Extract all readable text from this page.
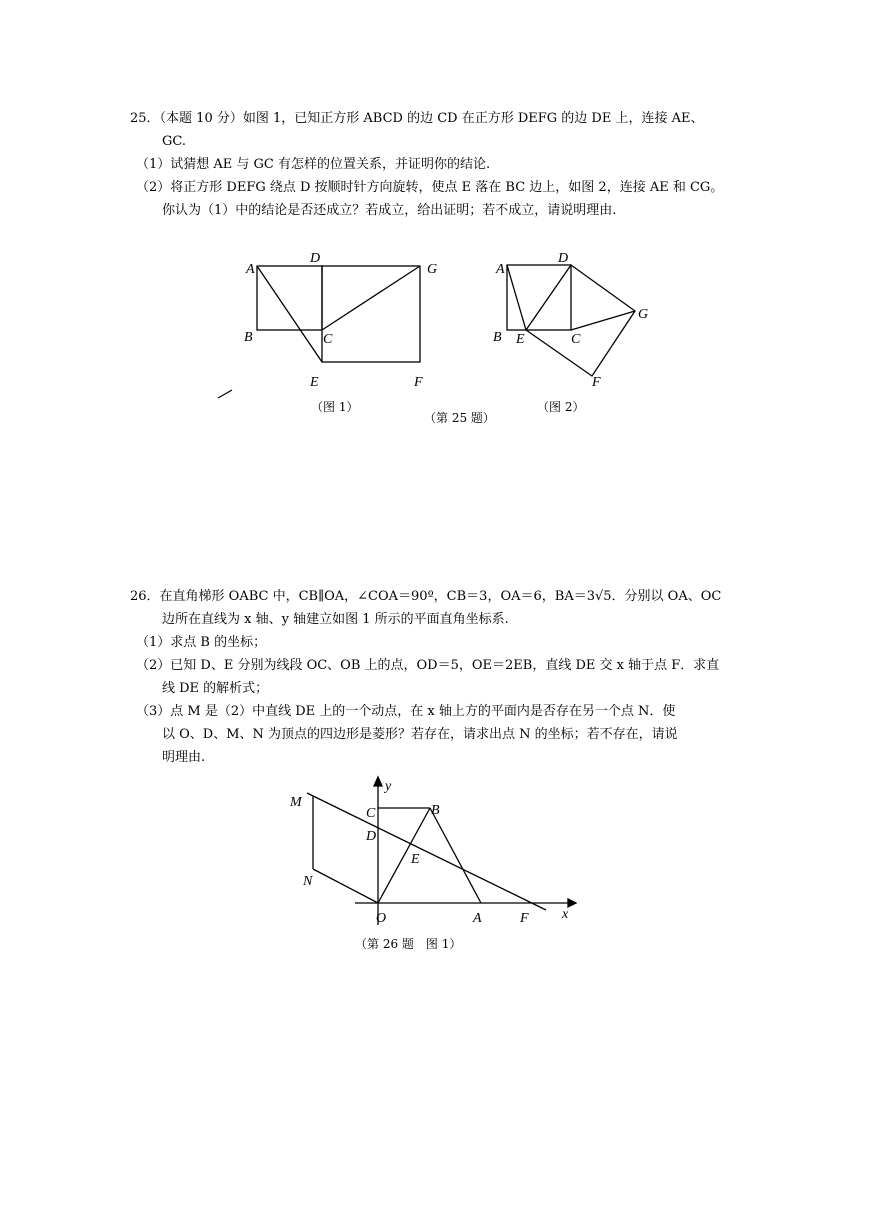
25．（本题 10 分）如图 1，已知正方形 ABCD 的边 CD 在正方形 DEFG 的边 DE 上，连接 AE、
GC.
（1）试猜想 AE 与 GC 有怎样的位置关系，并证明你的结论.
（2）将正方形 DEFG 绕点 D 按顺时针方向旋转，使点 E 落在 BC 边上，如图 2，连接 AE 和 CG。
你认为（1）中的结论是否还成立？若成立，给出证明；若不成立，请说明理由.
A
D
G
B	C
E	F
A
D
G
B E	C
F
（图 1）	（图 2）
（第 25 题）
26．在直角梯形 OABC 中，CB∥OA，∠COA＝90º，CB＝3，OA＝6，BA＝3√5．分别以 OA、OC
边所在直线为 x 轴、y 轴建立如图 1 所示的平面直角坐标系.
（1）求点 B 的坐标；
（2）已知 D、E 分别为线段 OC、OB 上的点，OD＝5，OE＝2EB，直线 DE 交 x 轴于点 F．求直
线 DE 的解析式；
（3）点 M 是（2）中直线 DE 上的一个动点，在 x 轴上方的平面内是否存在另一个点 N．使
以 O、D、M、N 为顶点的四边形是菱形？若存在，请求出点 N 的坐标；若不存在，请说
明理由.
y
M
C	B
D
E
N
O	A	F x
（第 26 题　图 1）
